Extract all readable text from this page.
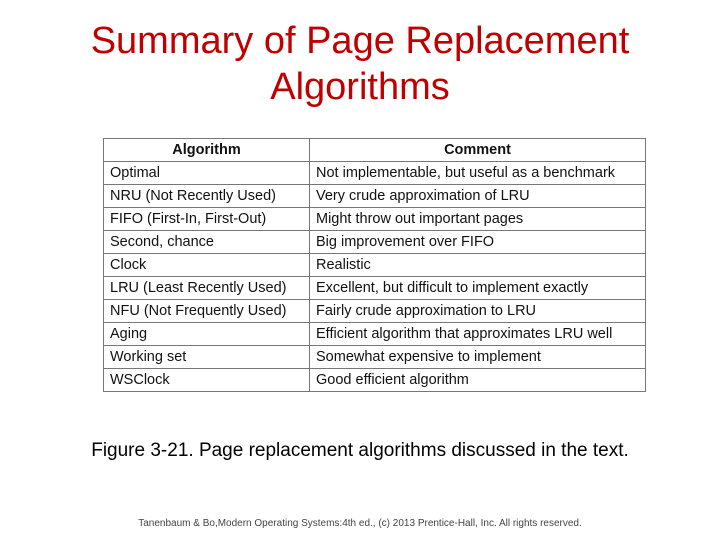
Summary of Page Replacement
Algorithms
Algorithm	Comment
Optimal	Not implementable, but useful as a benchmark
NRU (Not Recently Used)	Very crude approximation of LRU
FIFO (First-In, First-Out)	Might throw out important pages
Second, chance	Big improvement over FIFO
Clock	Realistic
LRU (Least Recently Used)	Excellent, but difficult to implement exactly
NFU (Not Frequently Used)	Fairly crude approximation to LRU
Aging	Efficient algorithm that approximates LRU well
Working set	Somewhat expensive to implement
WSClock	Good efficient algorithm
Figure 3-21. Page replacement algorithms discussed in the text.
Tanenbaum & Bo,Modern Operating Systems:4th ed., (c) 2013 Prentice-Hall, Inc. All rights reserved.
